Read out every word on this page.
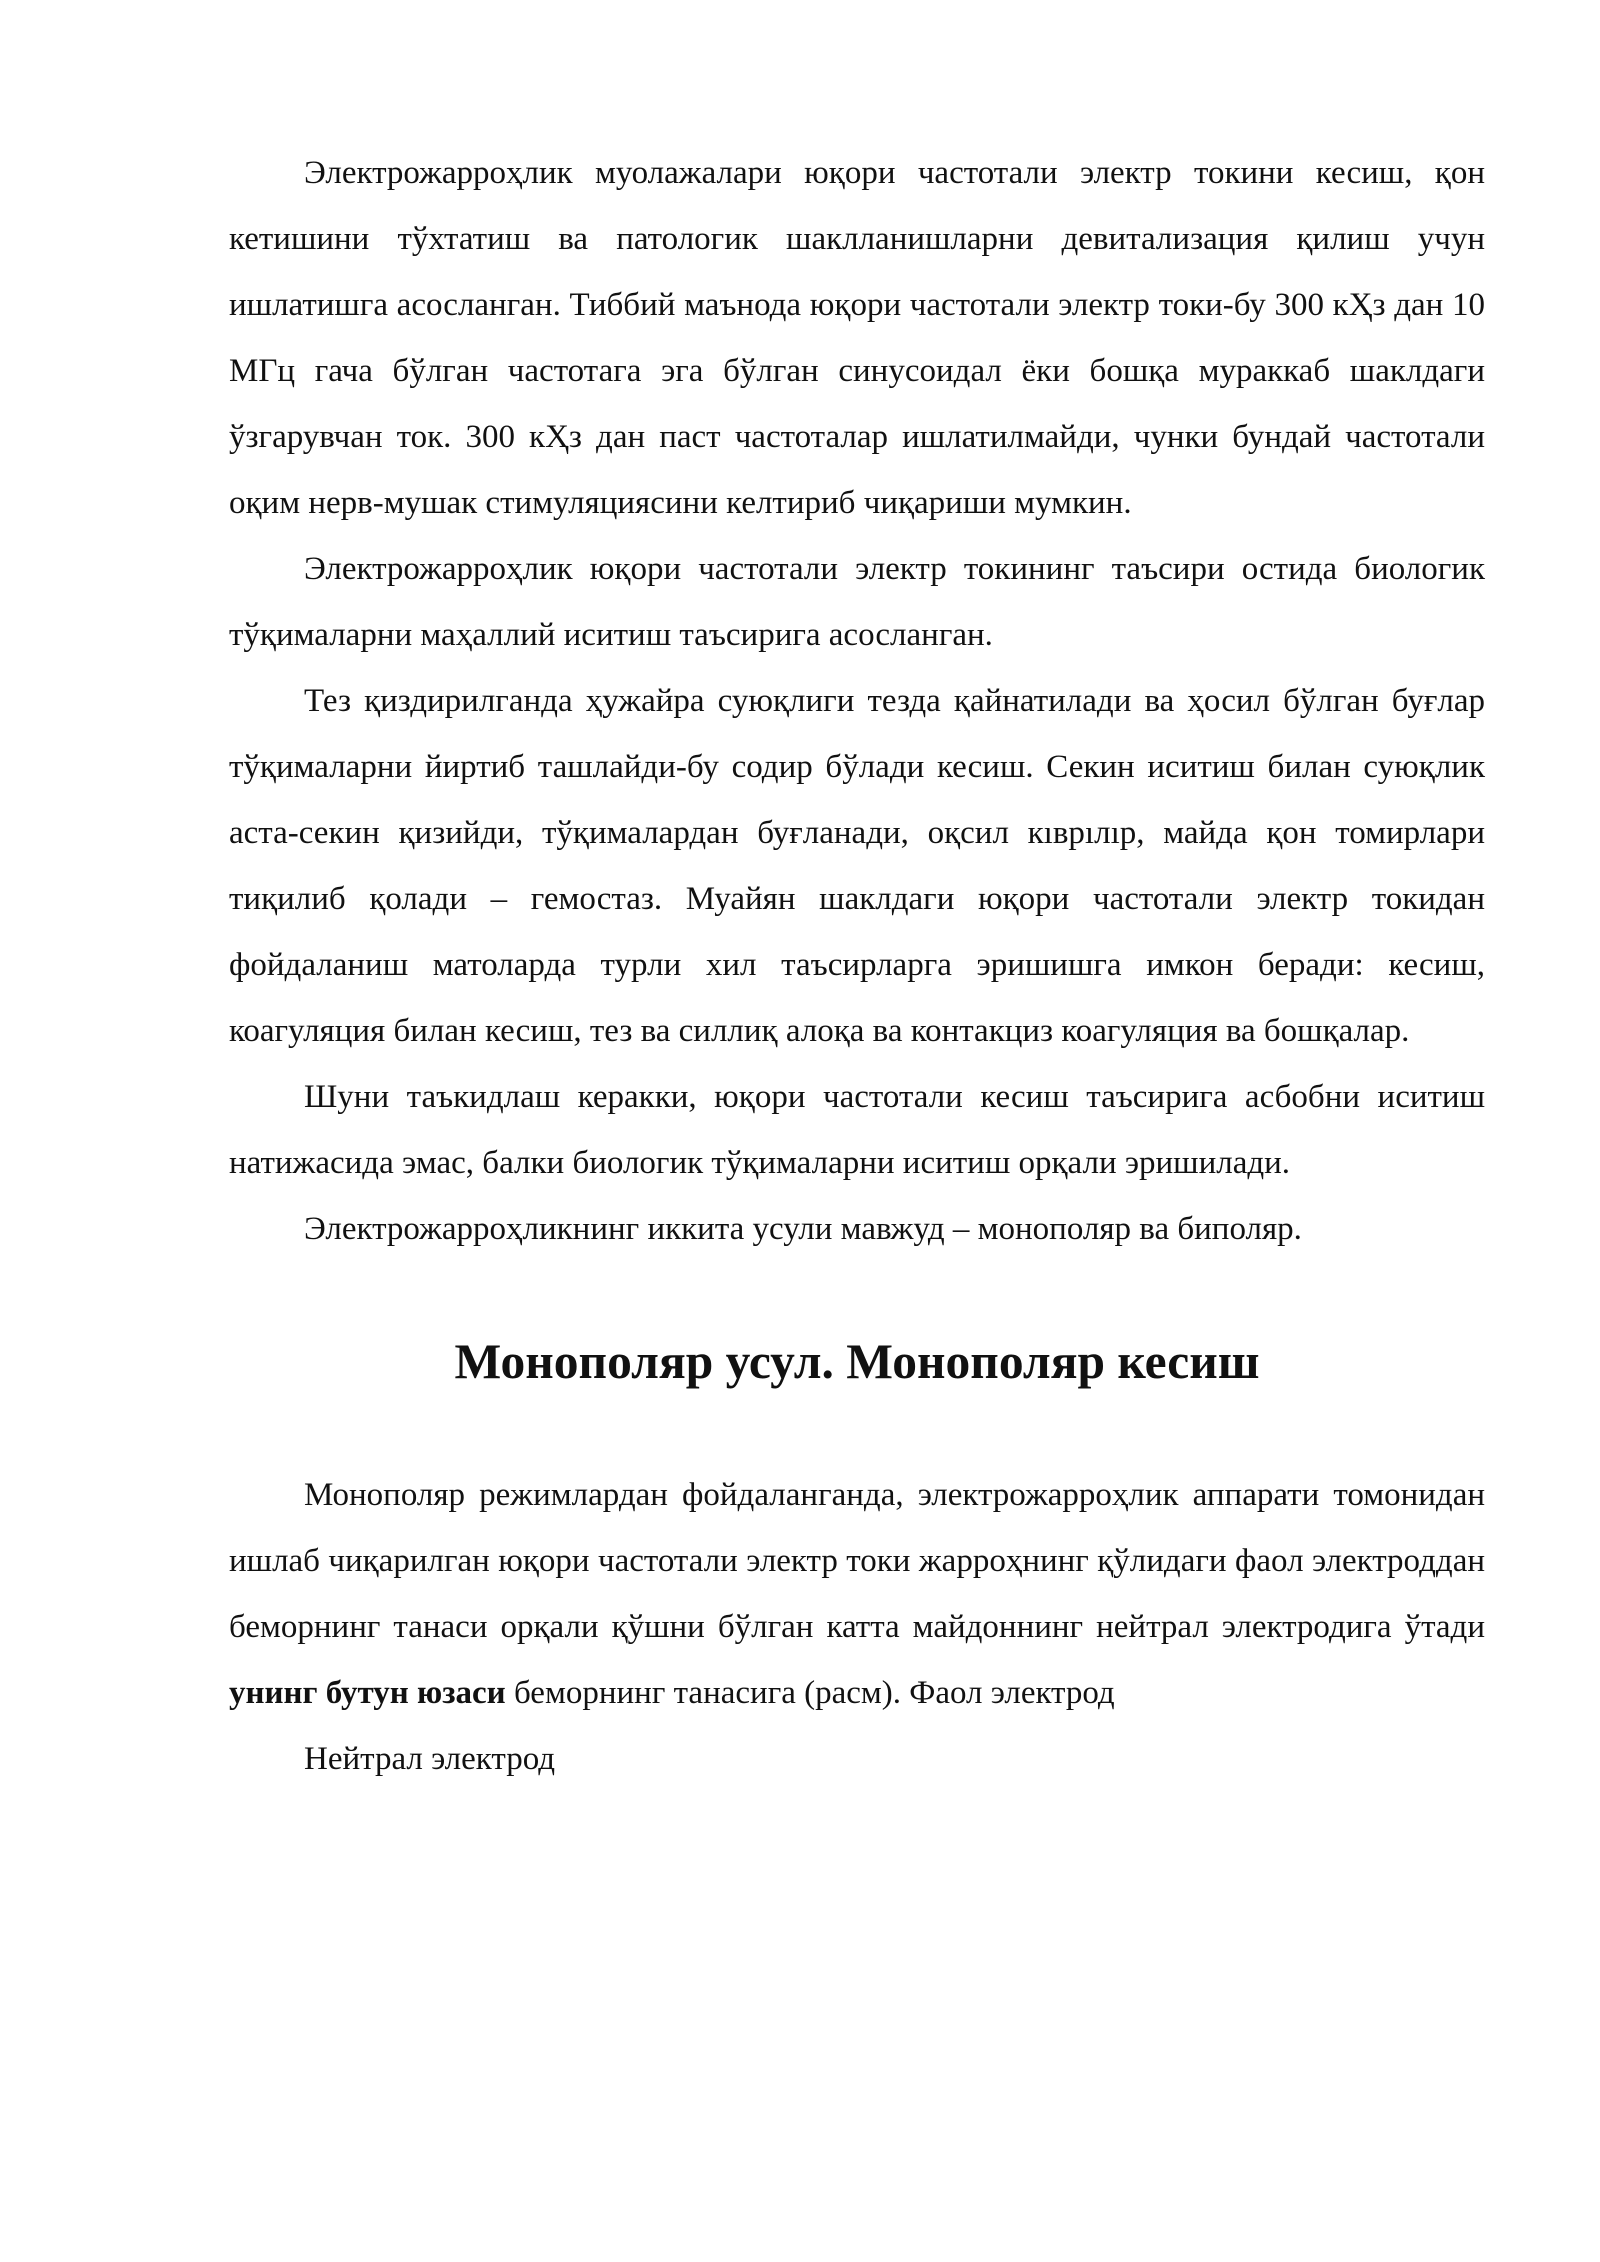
Электрожарроҳлик муолажалари юқори частотали электр токини кесиш, қон кетишини тўхтатиш ва патологик шаклланишларни девитализация қилиш учун ишлатишга асосланган. Тиббий маънода юқори частотали электр токи-бу 300 кҲз дан 10 МГц гача бўлган частотага эга бўлган синусоидал ёки бошқа мураккаб шаклдаги ўзгарувчан ток. 300 кҲз дан паст частоталар ишлатилмайди, чунки бундай частотали оқим нерв-мушак стимуляциясини келтириб чиқариши мумкин.

Электрожарроҳлик юқори частотали электр токининг таъсири остида биологик тўқималарни маҳаллий иситиш таъсирига асосланган.

Тез қиздирилганда ҳужайра суюқлиги тезда қайнатилади ва ҳосил бўлган буғлар тўқималарни йиртиб ташлайди-бу содир бўлади кесиш. Секин иситиш билан суюқлик аста-секин қизийди, тўқималардан буғланади, оқсил кıврıлıр, майда қон томирлари тиқилиб қолади – гемостаз. Муайян шаклдаги юқори частотали электр токидан фойдаланиш матоларда турли хил таъсирларга эришишга имкон беради: кесиш, коагуляция билан кесиш, тез ва силлиқ алоқа ва контакциз коагуляция ва бошқалар.

Шуни таъкидлаш керакки, юқори частотали кесиш таъсирига асбобни иситиш натижасида эмас, балки биологик тўқималарни иситиш орқали эришилади.

Электрожарроҳликнинг иккита усули мавжуд – монополяр ва биполяр.

Монополяр усул. Монополяр кесиш

Монополяр режимлардан фойдаланганда, электрожарроҳлик аппарати томонидан ишлаб чиқарилган юқори частотали электр токи жарроҳнинг қўлидаги фаол электроддан беморнинг танаси орқали қўшни бўлган катта майдоннинг нейтрал электродига ўтади унинг бутун юзаси беморнинг танасига (расм). Фаол электрод

Нейтрал электрод
